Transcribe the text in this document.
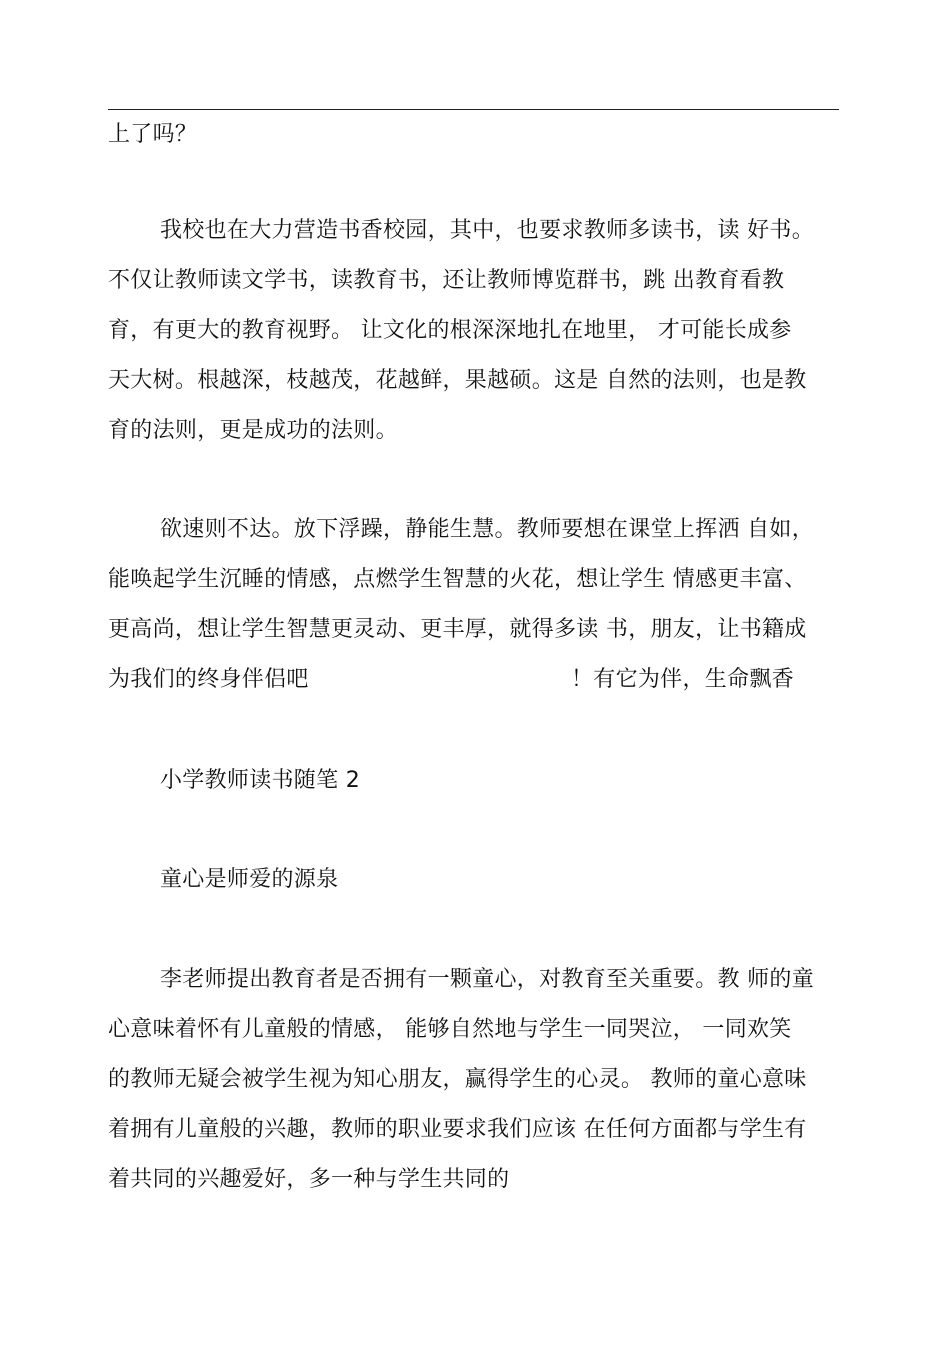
上了吗？
我校也在大力营造书香校园，其中，也要求教师多读书，读 好书。
不仅让教师读文学书，读教育书，还让教师博览群书，跳 出教育看教
育，有更大的教育视野。 让文化的根深深地扎在地里， 才可能长成参
天大树。根越深，枝越茂，花越鲜，果越硕。这是 自然的法则，也是教
育的法则，更是成功的法则。
欲速则不达。放下浮躁，静能生慧。教师要想在课堂上挥洒 自如，
能唤起学生沉睡的情感，点燃学生智慧的火花，想让学生 情感更丰富、
更高尚，想让学生智慧更灵动、更丰厚，就得多读 书，朋友，让书籍成
为我们的终身伴侣吧	！有它为伴，生命飘香
小学教师读书随笔 2
童心是师爱的源泉
李老师提出教育者是否拥有一颗童心，对教育至关重要。教 师的童
心意味着怀有儿童般的情感， 能够自然地与学生一同哭泣， 一同欢笑
的教师无疑会被学生视为知心朋友，赢得学生的心灵。 教师的童心意味
着拥有儿童般的兴趣，教师的职业要求我们应该 在任何方面都与学生有
着共同的兴趣爱好，多一种与学生共同的
